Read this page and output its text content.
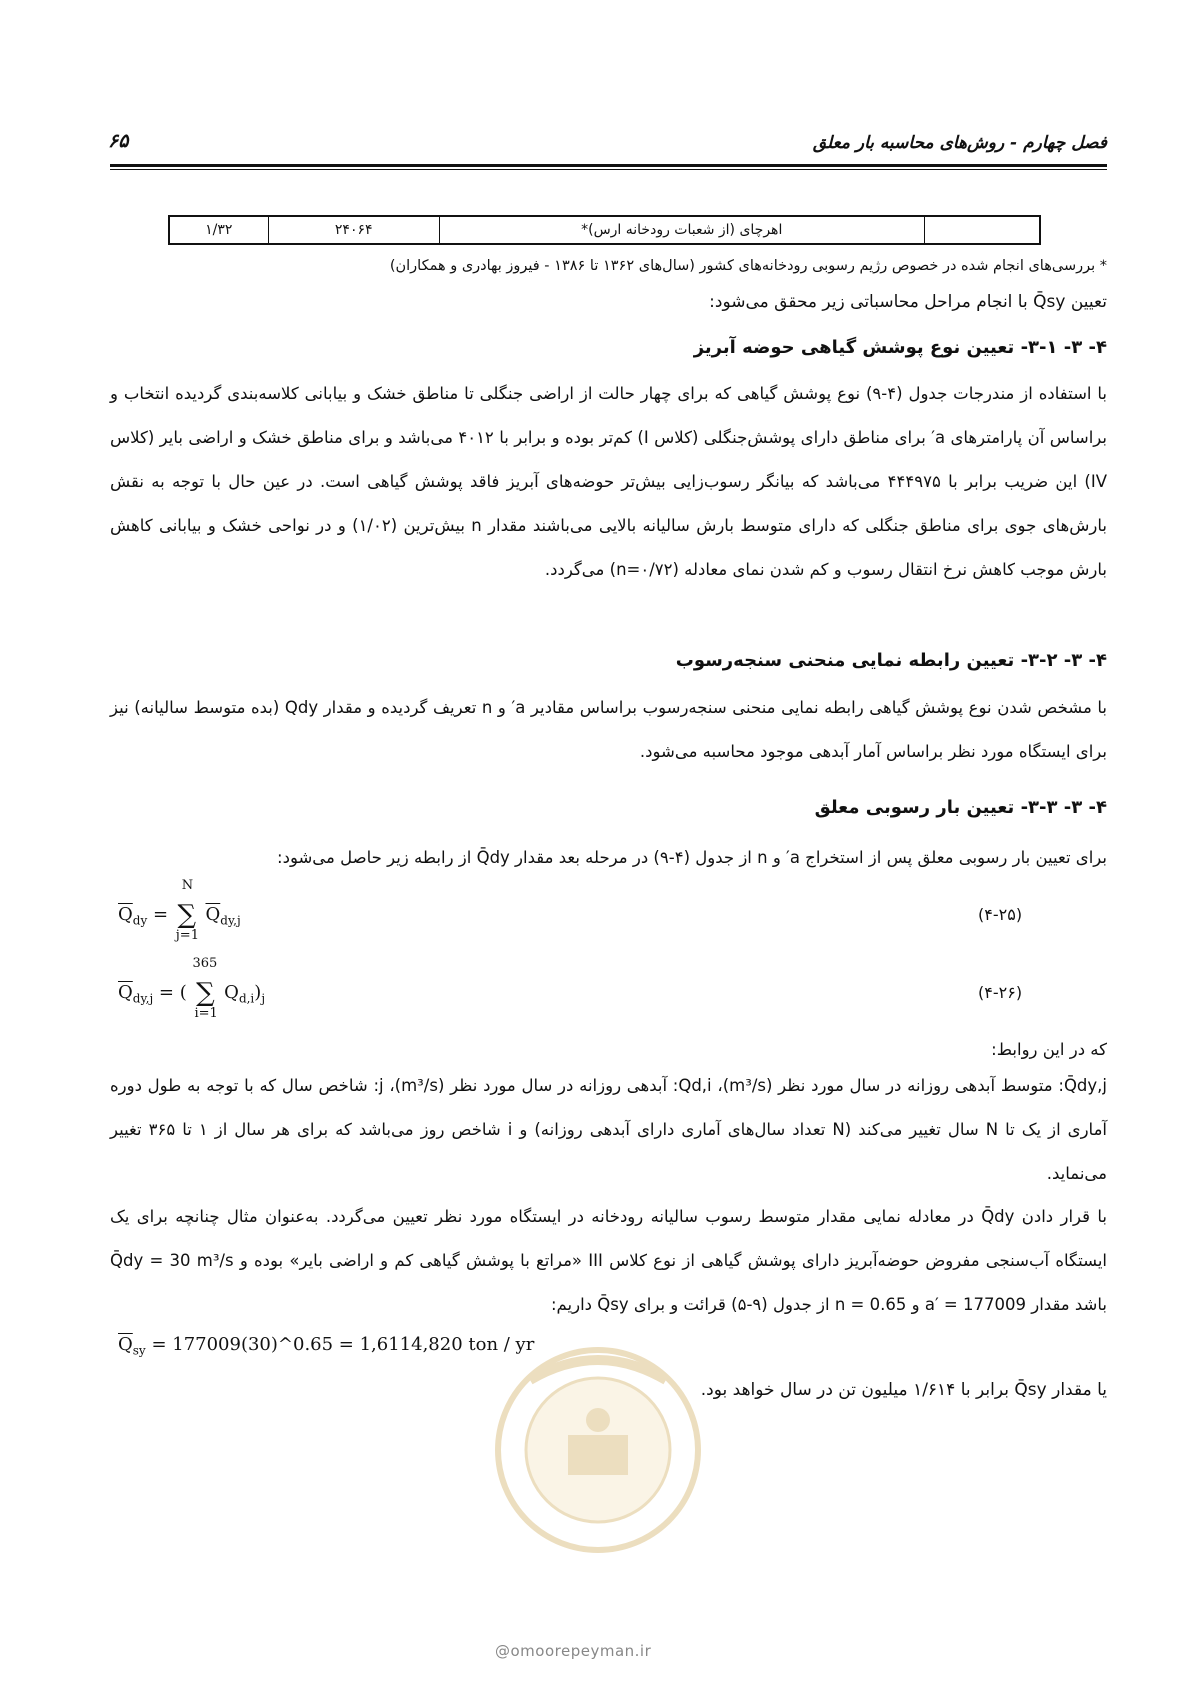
۶۵	فصل چهارم - روش‌های محاسبه بار معلق
۱/۳۲	۲۴۰۶۴	اهرچای (از شعبات رودخانه ارس)*	
* بررسی‌های انجام شده در خصوص رژیم رسوبی رودخانه‌های کشور (سال‌های ۱۳۶۲ تا ۱۳۸۶ - فیروز بهادری و همکاران)
تعیین Q̄sy با انجام مراحل محاسباتی زیر محقق می‌شود:
۴- ۳- ۳-۱- تعیین نوع پوشش گیاهی حوضه آبریز
با استفاده از مندرجات جدول (۴-۹) نوع پوشش گیاهی که برای چهار حالت از اراضی جنگلی تا مناطق خشک و بیابانی کلاسه‌بندی گردیده انتخاب و براساس آن پارامترهای a′ برای مناطق دارای پوشش‌جنگلی (کلاس I) کم‌تر بوده و برابر با ۴۰۱۲ می‌باشد و برای مناطق خشک و اراضی بایر (کلاس IV) این ضریب برابر با ۴۴۴۹۷۵ می‌باشد که بیانگر رسوب‌زایی بیش‌تر حوضه‌های آبریز فاقد پوشش گیاهی است. در عین حال با توجه به نقش بارش‌های جوی برای مناطق جنگلی که دارای متوسط بارش سالیانه بالایی می‌باشند مقدار n بیش‌ترین (۱/۰۲) و در نواحی خشک و بیابانی کاهش بارش موجب کاهش نرخ انتقال رسوب و کم شدن نمای معادله (n=۰/۷۲) می‌گردد.
۴- ۳- ۳-۲- تعیین رابطه نمایی منحنی سنجه‌رسوب
با مشخص شدن نوع پوشش گیاهی رابطه نمایی منحنی سنجه‌رسوب براساس مقادیر a′ و n تعریف گردیده و مقدار Qdy (بده متوسط سالیانه) نیز برای ایستگاه مورد نظر براساس آمار آبدهی موجود محاسبه می‌شود.
۴- ۳- ۳-۳- تعیین بار رسوبی معلق
برای تعیین بار رسوبی معلق پس از استخراج a′ و n از جدول (۴-۹) در مرحله بعد مقدار Q̄dy از رابطه زیر حاصل می‌شود:
$\overline{Q}_{dy}$ =
N
∑
j=1
$\overline{Q}_{dy,j}$	(۴-۲۵)
$\overline{Q}_{dy,j}$ = (
365
∑
i=1
$Q_{d,i})_j$	(۴-۲۶)
که در این روابط:
Q̄dy,j: متوسط آبدهی روزانه در سال مورد نظر (m³/s)، Qd,i: آبدهی روزانه در سال مورد نظر (m³/s)، j: شاخص سال که با توجه به طول دوره آماری از یک تا N سال تغییر می‌کند (N تعداد سال‌های آماری دارای آبدهی روزانه) و i شاخص روز می‌باشد که برای هر سال از ۱ تا ۳۶۵ تغییر می‌نماید.
با قرار دادن Q̄dy در معادله نمایی مقدار متوسط رسوب سالیانه رودخانه در ایستگاه مورد نظر تعیین می‌گردد. به‌عنوان مثال چنانچه برای یک ایستگاه آب‌سنجی مفروض حوضه‌آبریز دارای پوشش گیاهی از نوع کلاس III «مراتع با پوشش گیاهی کم و اراضی بایر» بوده و Q̄dy = 30 m³/s باشد مقدار a′ = 177009 و n = 0.65 از جدول (۹-۵) قرائت و برای Q̄sy داریم:
$\overline{Q}_{sy}$ = 177009(30)^0.65 = 1,6114,820 ton / yr
یا مقدار Q̄sy برابر با ۱/۶۱۴ میلیون تن در سال خواهد بود.
@omoorepeyman.ir
